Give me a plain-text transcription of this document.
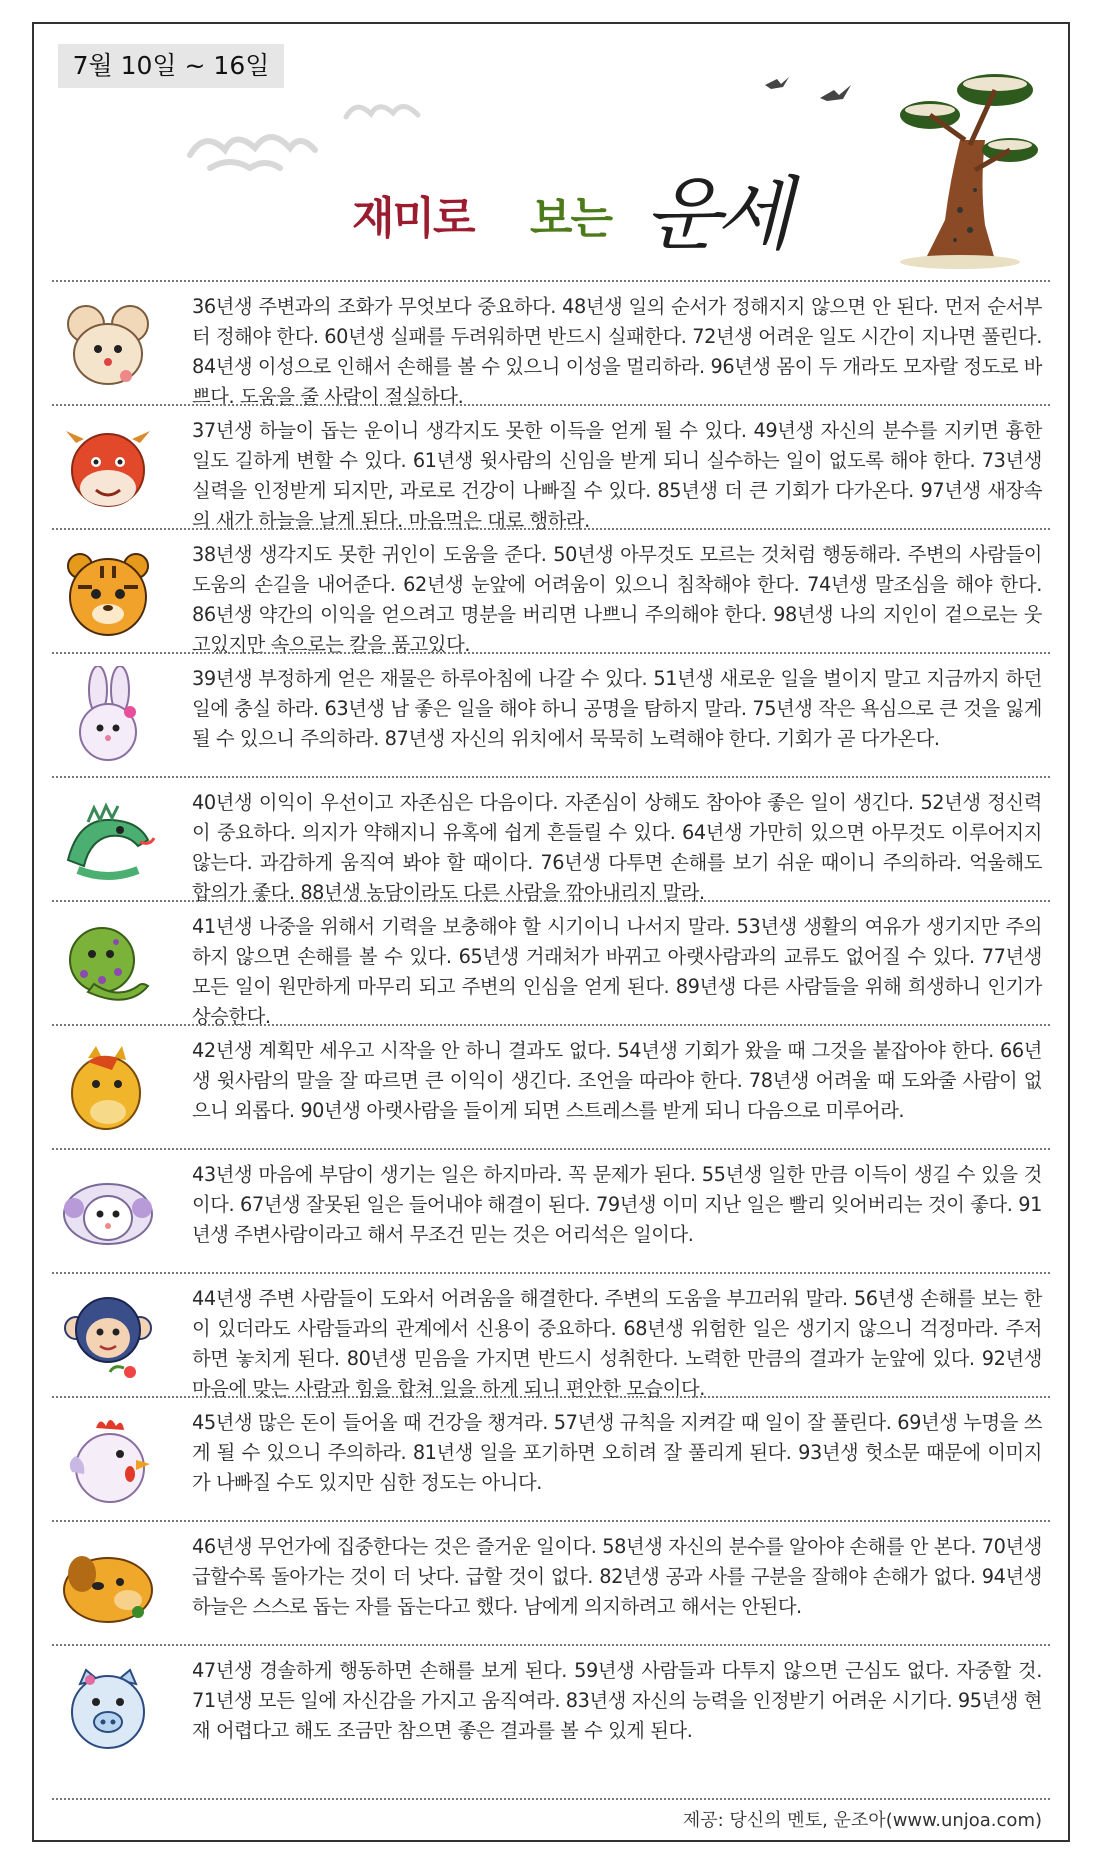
7월 10일 ~ 16일
재미로 보는 운세
36년생 주변과의 조화가 무엇보다 중요하다. 48년생 일의 순서가 정해지지 않으면 안 된다. 먼저 순서부터 정해야 한다. 60년생 실패를 두려워하면 반드시 실패한다. 72년생 어려운 일도 시간이 지나면 풀린다. 84년생 이성으로 인해서 손해를 볼 수 있으니 이성을 멀리하라. 96년생 몸이 두 개라도 모자랄 정도로 바쁘다. 도움을 줄 사람이 절실하다.
37년생 하늘이 돕는 운이니 생각지도 못한 이득을 얻게 될 수 있다. 49년생 자신의 분수를 지키면 흉한 일도 길하게 변할 수 있다. 61년생 윗사람의 신임을 받게 되니 실수하는 일이 없도록 해야 한다. 73년생 실력을 인정받게 되지만, 과로로 건강이 나빠질 수 있다. 85년생 더 큰 기회가 다가온다. 97년생 새장속의 새가 하늘을 날게 된다. 마음먹은 대로 행하라.
38년생 생각지도 못한 귀인이 도움을 준다. 50년생 아무것도 모르는 것처럼 행동해라. 주변의 사람들이 도움의 손길을 내어준다. 62년생 눈앞에 어려움이 있으니 침착해야 한다. 74년생 말조심을 해야 한다. 86년생 약간의 이익을 얻으려고 명분을 버리면 나쁘니 주의해야 한다. 98년생 나의 지인이 겉으로는 웃고있지만 속으로는 칼을 품고있다.
39년생 부정하게 얻은 재물은 하루아침에 나갈 수 있다. 51년생 새로운 일을 벌이지 말고 지금까지 하던 일에 충실 하라. 63년생 남 좋은 일을 해야 하니 공명을 탐하지 말라. 75년생 작은 욕심으로 큰 것을 잃게 될 수 있으니 주의하라. 87년생 자신의 위치에서 묵묵히 노력해야 한다. 기회가 곧 다가온다.
40년생 이익이 우선이고 자존심은 다음이다. 자존심이 상해도 참아야 좋은 일이 생긴다. 52년생 정신력이 중요하다. 의지가 약해지니 유혹에 쉽게 흔들릴 수 있다. 64년생 가만히 있으면 아무것도 이루어지지 않는다. 과감하게 움직여 봐야 할 때이다. 76년생 다투면 손해를 보기 쉬운 때이니 주의하라. 억울해도 합의가 좋다. 88년생 농담이라도 다른 사람을 깎아내리지 말라.
41년생 나중을 위해서 기력을 보충해야 할 시기이니 나서지 말라. 53년생 생활의 여유가 생기지만 주의하지 않으면 손해를 볼 수 있다. 65년생 거래처가 바뀌고 아랫사람과의 교류도 없어질 수 있다. 77년생 모든 일이 원만하게 마무리 되고 주변의 인심을 얻게 된다. 89년생 다른 사람들을 위해 희생하니 인기가 상승한다.
42년생 계획만 세우고 시작을 안 하니 결과도 없다. 54년생 기회가 왔을 때 그것을 붙잡아야 한다. 66년생 윗사람의 말을 잘 따르면 큰 이익이 생긴다. 조언을 따라야 한다. 78년생 어려울 때 도와줄 사람이 없으니 외롭다. 90년생 아랫사람을 들이게 되면 스트레스를 받게 되니 다음으로 미루어라.
43년생 마음에 부담이 생기는 일은 하지마라. 꼭 문제가 된다. 55년생 일한 만큼 이득이 생길 수 있을 것이다. 67년생 잘못된 일은 들어내야 해결이 된다. 79년생 이미 지난 일은 빨리 잊어버리는 것이 좋다. 91년생 주변사람이라고 해서 무조건 믿는 것은 어리석은 일이다.
44년생 주변 사람들이 도와서 어려움을 해결한다. 주변의 도움을 부끄러워 말라. 56년생 손해를 보는 한이 있더라도 사람들과의 관계에서 신용이 중요하다. 68년생 위험한 일은 생기지 않으니 걱정마라. 주저하면 놓치게 된다. 80년생 믿음을 가지면 반드시 성취한다. 노력한 만큼의 결과가 눈앞에 있다. 92년생 마음에 맞는 사람과 힘을 합쳐 일을 하게 되니 편안한 모습이다.
45년생 많은 돈이 들어올 때 건강을 챙겨라. 57년생 규칙을 지켜갈 때 일이 잘 풀린다. 69년생 누명을 쓰게 될 수 있으니 주의하라. 81년생 일을 포기하면 오히려 잘 풀리게 된다. 93년생 헛소문 때문에 이미지가 나빠질 수도 있지만 심한 정도는 아니다.
46년생 무언가에 집중한다는 것은 즐거운 일이다. 58년생 자신의 분수를 알아야 손해를 안 본다. 70년생 급할수록 돌아가는 것이 더 낫다. 급할 것이 없다. 82년생 공과 사를 구분을 잘해야 손해가 없다. 94년생 하늘은 스스로 돕는 자를 돕는다고 했다. 남에게 의지하려고 해서는 안된다.
47년생 경솔하게 행동하면 손해를 보게 된다. 59년생 사람들과 다투지 않으면 근심도 없다. 자중할 것. 71년생 모든 일에 자신감을 가지고 움직여라. 83년생 자신의 능력을 인정받기 어려운 시기다. 95년생 현재 어렵다고 해도 조금만 참으면 좋은 결과를 볼 수 있게 된다.
제공: 당신의 멘토, 운조아(www.unjoa.com)
